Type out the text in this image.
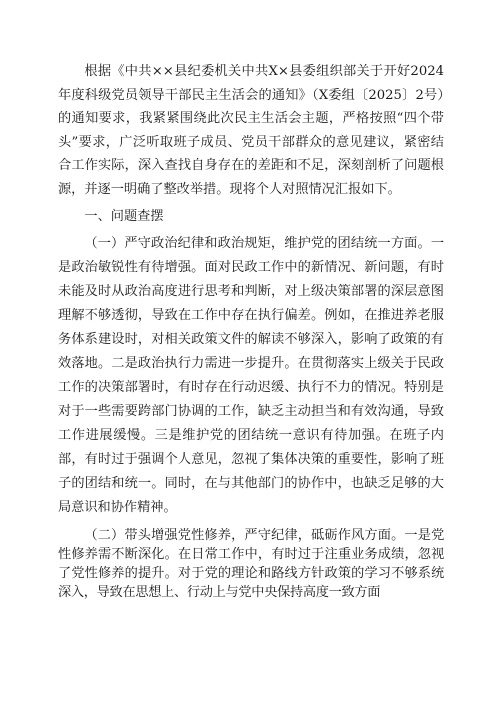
根据《中共××县纪委机关中共X×县委组织部关于开好2024年度科级党员领导干部民主生活会的通知》（X委组〔2025〕2号）的通知要求，我紧紧围绕此次民主生活会主题，严格按照“四个带头”要求，广泛听取班子成员、党员干部群众的意见建议，紧密结合工作实际，深入查找自身存在的差距和不足，深刻剖析了问题根源，并逐一明确了整改举措。现将个人对照情况汇报如下。
一、问题查摆
（一）严守政治纪律和政治规矩，维护党的团结统一方面。一是政治敏锐性有待增强。面对民政工作中的新情况、新问题，有时未能及时从政治高度进行思考和判断，对上级决策部署的深层意图理解不够透彻，导致在工作中存在执行偏差。例如，在推进养老服务体系建设时，对相关政策文件的解读不够深入，影响了政策的有效落地。二是政治执行力需进一步提升。在贯彻落实上级关于民政工作的决策部署时，有时存在行动迟缓、执行不力的情况。特别是对于一些需要跨部门协调的工作，缺乏主动担当和有效沟通，导致工作进展缓慢。三是维护党的团结统一意识有待加强。在班子内部，有时过于强调个人意见，忽视了集体决策的重要性，影响了班子的团结和统一。同时，在与其他部门的协作中，也缺乏足够的大局意识和协作精神。
（二）带头增强党性修养，严守纪律，砥砺作风方面。一是党性修养需不断深化。在日常工作中，有时过于注重业务成绩，忽视了党性修养的提升。对于党的理论和路线方针政策的学习不够系统深入，导致在思想上、行动上与党中央保持高度一致方面
